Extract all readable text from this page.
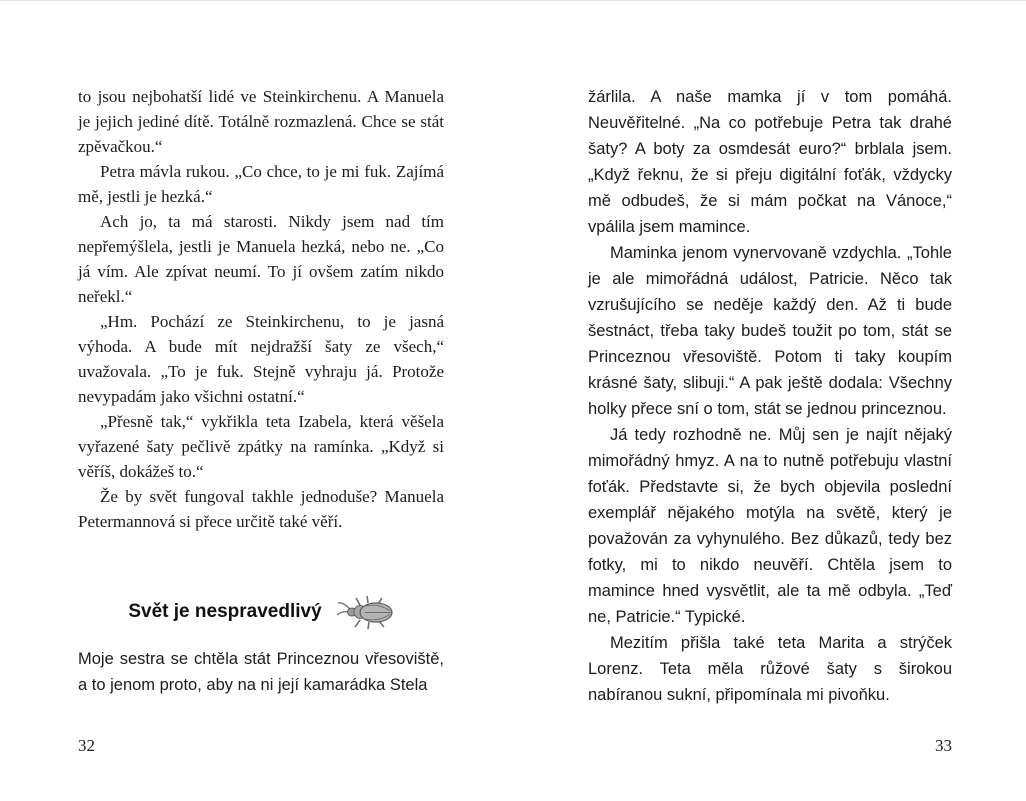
to jsou nejbohatší lidé ve Steinkirchenu. A Manuela je jejich jediné dítě. Totálně rozmazlená. Chce se stát zpěvačkou.“

Petra mávla rukou. „Co chce, to je mi fuk. Zajímá mě, jestli je hezká.“

Ach jo, ta má starosti. Nikdy jsem nad tím nepřemýšlela, jestli je Manuela hezká, nebo ne. „Co já vím. Ale zpívat neumí. To jí ovšem zatím nikdo neřekl.“

„Hm. Pochází ze Steinkirchenu, to je jasná výhoda. A bude mít nejdražší šaty ze všech,“ uvažovala. „To je fuk. Stejně vyhraju já. Protože nevypadám jako všichni ostatní.“

„Přesně tak,“ vykřikla teta Izabela, která věšela vyřazené šaty pečlivě zpátky na ramínka. „Když si věříš, dokážeš to.“

Že by svět fungoval takhle jednoduše? Manuela Petermannová si přece určitě také věří.

Svět je nespravedlivý

Moje sestra se chtěla stát Princeznou vřesoviště, a to jenom proto, aby na ni její kamarádka Stela

žárlila. A naše mamka jí v tom pomáhá. Neuvěřitelné. „Na co potřebuje Petra tak drahé šaty? A boty za osmdesát euro?“ brblala jsem. „Když řeknu, že si přeju digitální foťák, vždycky mě odbudeš, že si mám počkat na Vánoce,“ vpálila jsem mamince.

Maminka jenom vynervovaně vzdychla. „Tohle je ale mimořádná událost, Patricie. Něco tak vzrušujícího se neděje každý den. Až ti bude šestnáct, třeba taky budeš toužit po tom, stát se Princeznou vřesoviště. Potom ti taky koupím krásné šaty, slibuji.“ A pak ještě dodala: Všechny holky přece sní o tom, stát se jednou princeznou.

Já tedy rozhodně ne. Můj sen je najít nějaký mimořádný hmyz. A na to nutně potřebuju vlastní foťák. Představte si, že bych objevila poslední exemplář nějakého motýla na světě, který je považován za vyhynulého. Bez důkazů, tedy bez fotky, mi to nikdo neuvěří. Chtěla jsem to mamince hned vysvětlit, ale ta mě odbyla. „Teď ne, Patricie.“ Typické.

Mezitím přišla také teta Marita a strýček Lorenz. Teta měla růžové šaty s širokou nabíranou sukní, připomínala mi pivoňku.

32	33
